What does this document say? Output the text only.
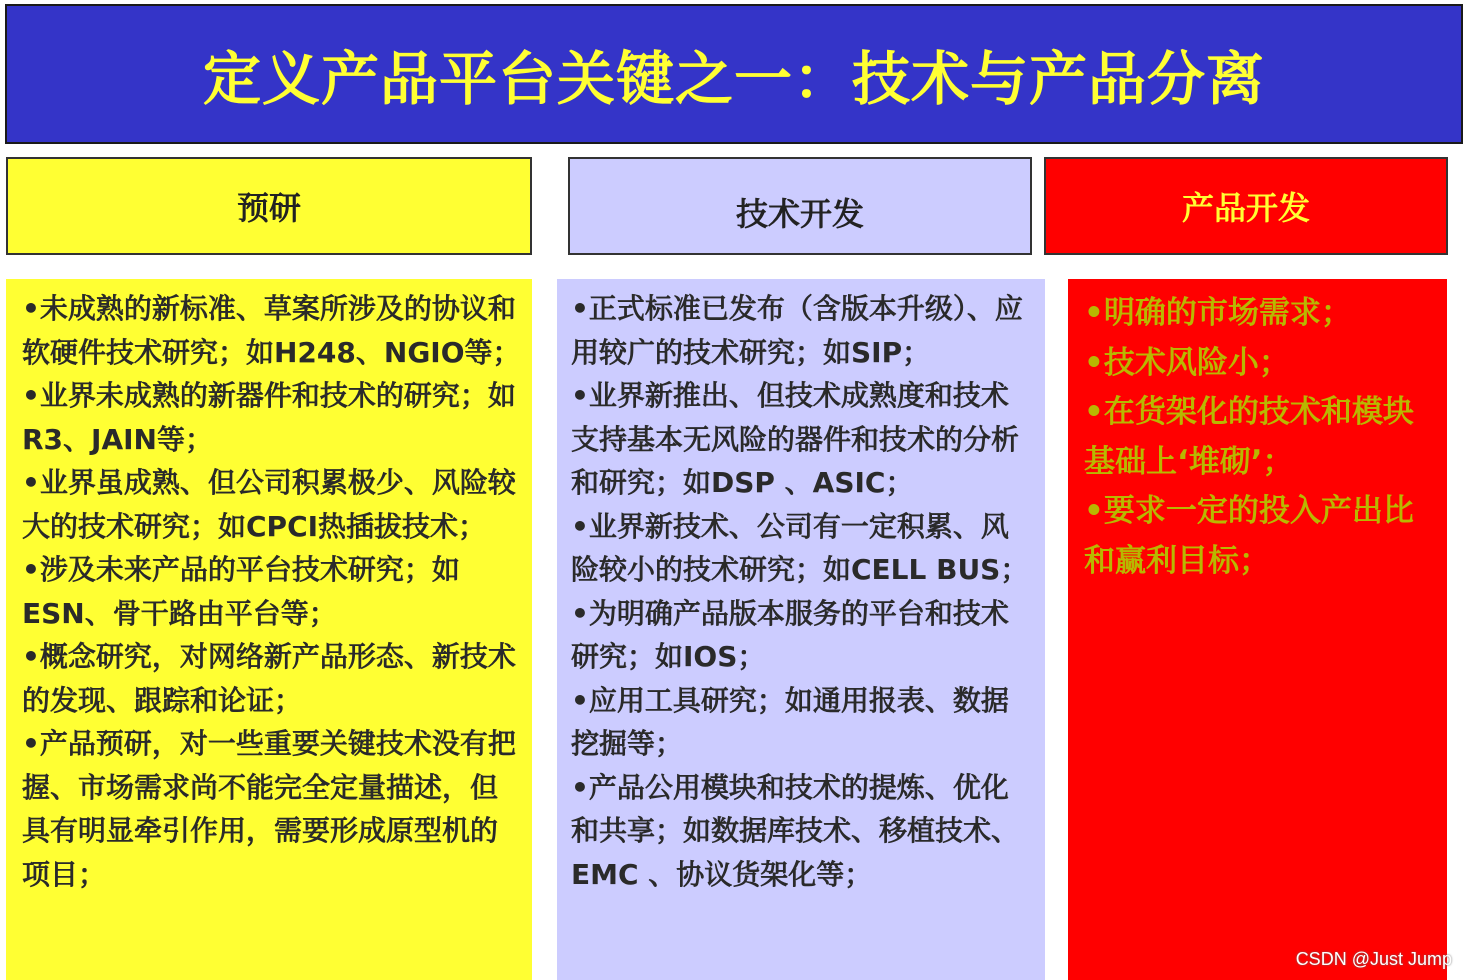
定义产品平台关键之一：技术与产品分离
预研	技术开发	产品开发
•未成熟的新标准、草案所涉及的协议和软硬件技术研究；如H248、NGIO等；
•业界未成熟的新器件和技术的研究；如R3、JAIN等；
•业界虽成熟、但公司积累极少、风险较大的技术研究；如CPCI热插拔技术；
•涉及未来产品的平台技术研究；如ESN、骨干路由平台等；
•概念研究，对网络新产品形态、新技术的发现、跟踪和论证；
•产品预研，对一些重要关键技术没有把握、市场需求尚不能完全定量描述，但具有明显牵引作用，需要形成原型机的项目；
•正式标准已发布（含版本升级）、应用较广的技术研究；如SIP；
•业界新推出、但技术成熟度和技术支持基本无风险的器件和技术的分析和研究；如DSP 、ASIC；
•业界新技术、公司有一定积累、风险较小的技术研究；如CELL BUS；
•为明确产品版本服务的平台和技术研究；如IOS；
•应用工具研究；如通用报表、数据挖掘等；
•产品公用模块和技术的提炼、优化和共享；如数据库技术、移植技术、EMC 、协议货架化等；
•明确的市场需求；
•技术风险小；
•在货架化的技术和模块基础上‘堆砌’；
•要求一定的投入产出比和赢利目标；
CSDN @Just Jump
